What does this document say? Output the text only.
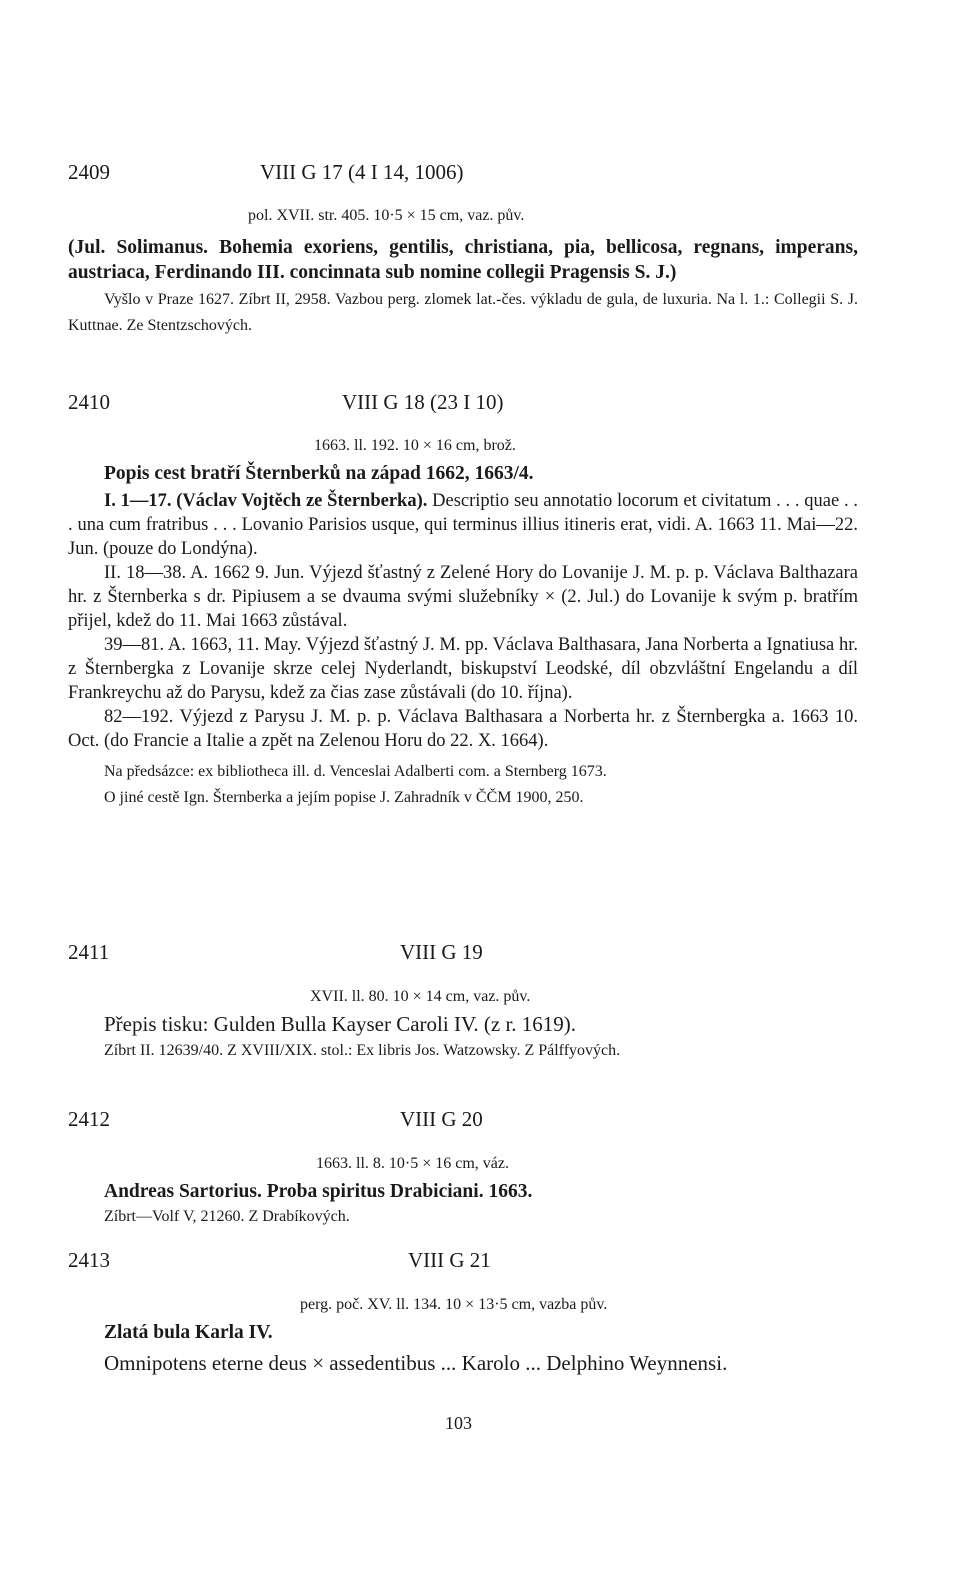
2409	VIII G 17 (4 I 14, 1006)
pol. XVII. str. 405. 10·5 × 15 cm, vaz. pův.

(Jul. Solimanus. Bohemia exoriens, gentilis, christiana, pia, bellicosa, regnans, imperans, austriaca, Ferdinando III. concinnata sub nomine collegii Pragensis S. J.)

Vyšlo v Praze 1627. Zíbrt II, 2958. Vazbou perg. zlomek lat.-čes. výkladu de gula, de luxuria. Na l. 1.: Collegii S. J. Kuttnae. Ze Stentzschových.

2410	VIII G 18 (23 I 10)
1663. ll. 192. 10 × 16 cm, brož.

Popis cest bratří Šternberků na západ 1662, 1663/4.

I. 1—17. (Václav Vojtěch ze Šternberka). Descriptio seu annotatio locorum et civitatum . . . quae . . . una cum fratribus . . . Lovanio Parisios usque, qui terminus illius itineris erat, vidi. A. 1663 11. Mai—22. Jun. (pouze do Londýna).

II. 18—38. A. 1662 9. Jun. Výjezd šťastný z Zelené Hory do Lovanije J. M. p. p. Václava Balthazara hr. z Šternberka s dr. Pipiusem a se dvauma svými služebníky × (2. Jul.) do Lovanije k svým p. bratřím přijel, kdež do 11. Mai 1663 zůstával.

39—81. A. 1663, 11. May. Výjezd šťastný J. M. pp. Václava Balthasara, Jana Norberta a Ignatiusa hr. z Šternbergka z Lovanije skrze celej Nyderlandt, biskupství Leodské, díl obzvláštní Engelandu a díl Frankreychu až do Parysu, kdež za čias zase zůstávali (do 10. října).

82—192. Výjezd z Parysu J. M. p. p. Václava Balthasara a Norberta hr. z Šternbergka a. 1663 10. Oct. (do Francie a Italie a zpět na Zelenou Horu do 22. X. 1664).

Na předsázce: ex bibliotheca ill. d. Venceslai Adalberti com. a Sternberg 1673.

O jiné cestě Ign. Šternberka a jejím popise J. Zahradník v ČČM 1900, 250.

2411	VIII G 19
XVII. ll. 80. 10 × 14 cm, vaz. pův.

Přepis tisku: Gulden Bulla Kayser Caroli IV. (z r. 1619).

Zíbrt II. 12639/40. Z XVIII/XIX. stol.: Ex libris Jos. Watzowsky. Z Pálffyových.

2412	VIII G 20
1663. ll. 8. 10·5 × 16 cm, váz.

Andreas Sartorius. Proba spiritus Drabiciani. 1663.

Zíbrt—Volf V, 21260. Z Drabíkových.

2413	VIII G 21
perg. poč. XV. ll. 134. 10 × 13·5 cm, vazba pův.

Zlatá bula Karla IV.

Omnipotens eterne deus × assedentibus ... Karolo ... Delphino Weynnensi.

103
